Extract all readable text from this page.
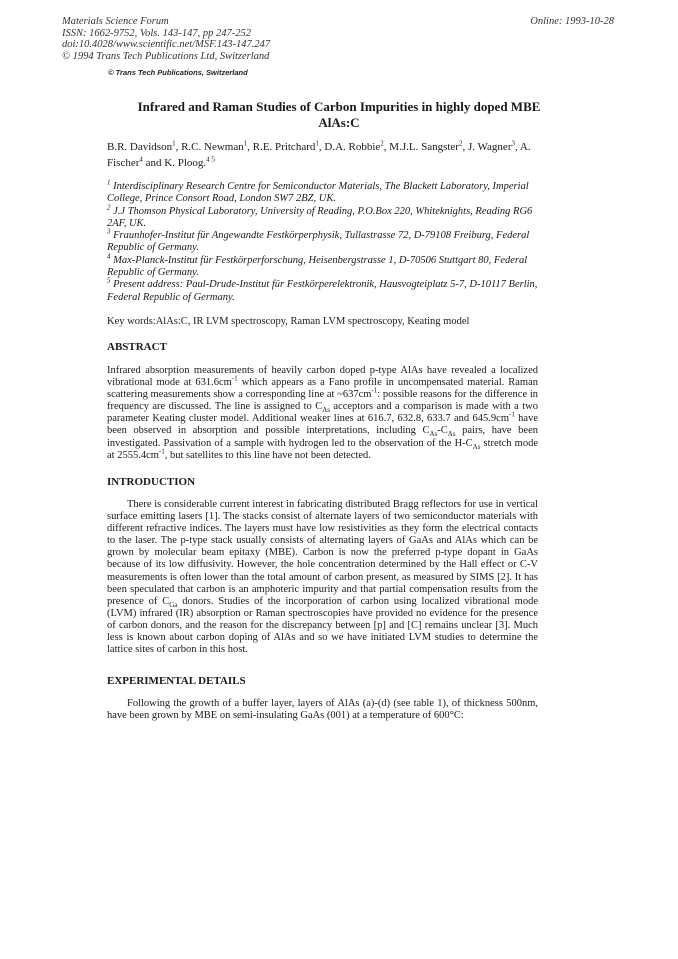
Materials Science Forum
ISSN: 1662-9752, Vols. 143-147, pp 247-252
doi:10.4028/www.scientific.net/MSF.143-147.247
© 1994 Trans Tech Publications Ltd, Switzerland
Online: 1993-10-28
© Trans Tech Publications, Switzerland
Infrared and Raman Studies of Carbon Impurities in highly doped MBE
AlAs:C
B.R. Davidson$^1$, R.C. Newman$^1$, R.E. Pritchard$^1$, D.A. Robbie$^2$, M.J.L. Sangster$^2$, J. Wagner$^3$, A. Fischer$^4$ and K. Ploog.$^{4 5}$

$^1$ Interdisciplinary Research Centre for Semiconductor Materials, The Blackett Laboratory, Imperial College, Prince Consort Road, London SW7 2BZ, UK.

$^2$ J.J Thomson Physical Laboratory, University of Reading, P.O.Box 220, Whiteknights, Reading RG6 2AF, UK.

$^3$ Fraunhofer-Institut für Angewandte Festkörperphysik, Tullastrasse 72, D-79108 Freiburg, Federal Republic of Germany.

$^4$ Max-Planck-Institut für Festkörperforschung, Heisenbergstrasse 1, D-70506 Stuttgart 80, Federal Republic of Germany.

$^5$ Present address: Paul-Drude-Institut für Festkörperelektronik, Hausvogteiplatz 5-7, D-10117 Berlin, Federal Republic of Germany.

Key words:AlAs:C, IR LVM spectroscopy, Raman LVM spectroscopy, Keating model
ABSTRACT
Infrared absorption measurements of heavily carbon doped p-type AlAs have revealed a localized vibrational mode at $631.6cm^{-1}$ which appears as a Fano profile in uncompensated material. Raman scattering measurements show a corresponding line at $\sim 637cm^{-1}$: possible reasons for the difference in frequency are discussed. The line is assigned to $C_{As}$ acceptors and a comparison is made with a two parameter Keating cluster model. Additional weaker lines at 616.7, 632.8, 633.7 and $645.9cm^{-1}$ have been observed in absorption and possible interpretations, including $C_{As}-C_{As}$ pairs, have been investigated. Passivation of a sample with hydrogen led to the observation of the $H-C_{As}$ stretch mode at $2555.4cm^{-1}$, but satellites to this line have not been detected.
INTRODUCTION
There is considerable current interest in fabricating distributed Bragg reflectors for use in vertical surface emitting lasers [1]. The stacks consist of alternate layers of two semiconductor materials with different refractive indices. The layers must have low resistivities as they form the electrical contacts to the laser. The p-type stack usually consists of alternating layers of GaAs and AlAs which can be grown by molecular beam epitaxy (MBE). Carbon is now the preferred p-type dopant in GaAs because of its low diffusivity. However, the hole concentration determined by the Hall effect or C-V measurements is often lower than the total amount of carbon present, as measured by SIMS [2]. It has been speculated that carbon is an amphoteric impurity and that partial compensation results from the presence of $C_{Ga}$ donors. Studies of the incorporation of carbon using localized vibrational mode (LVM) infrared (IR) absorption or Raman spectroscopies have provided no evidence for the presence of carbon donors, and the reason for the discrepancy between [p] and [C] remains unclear [3]. Much less is known about carbon doping of AlAs and so we have initiated LVM studies to determine the lattice sites of carbon in this host.
EXPERIMENTAL DETAILS
Following the growth of a buffer layer, layers of AlAs (a)-(d) (see table 1), of thickness 500nm, have been grown by MBE on semi-insulating GaAs (001) at a temperature of 600°C:
